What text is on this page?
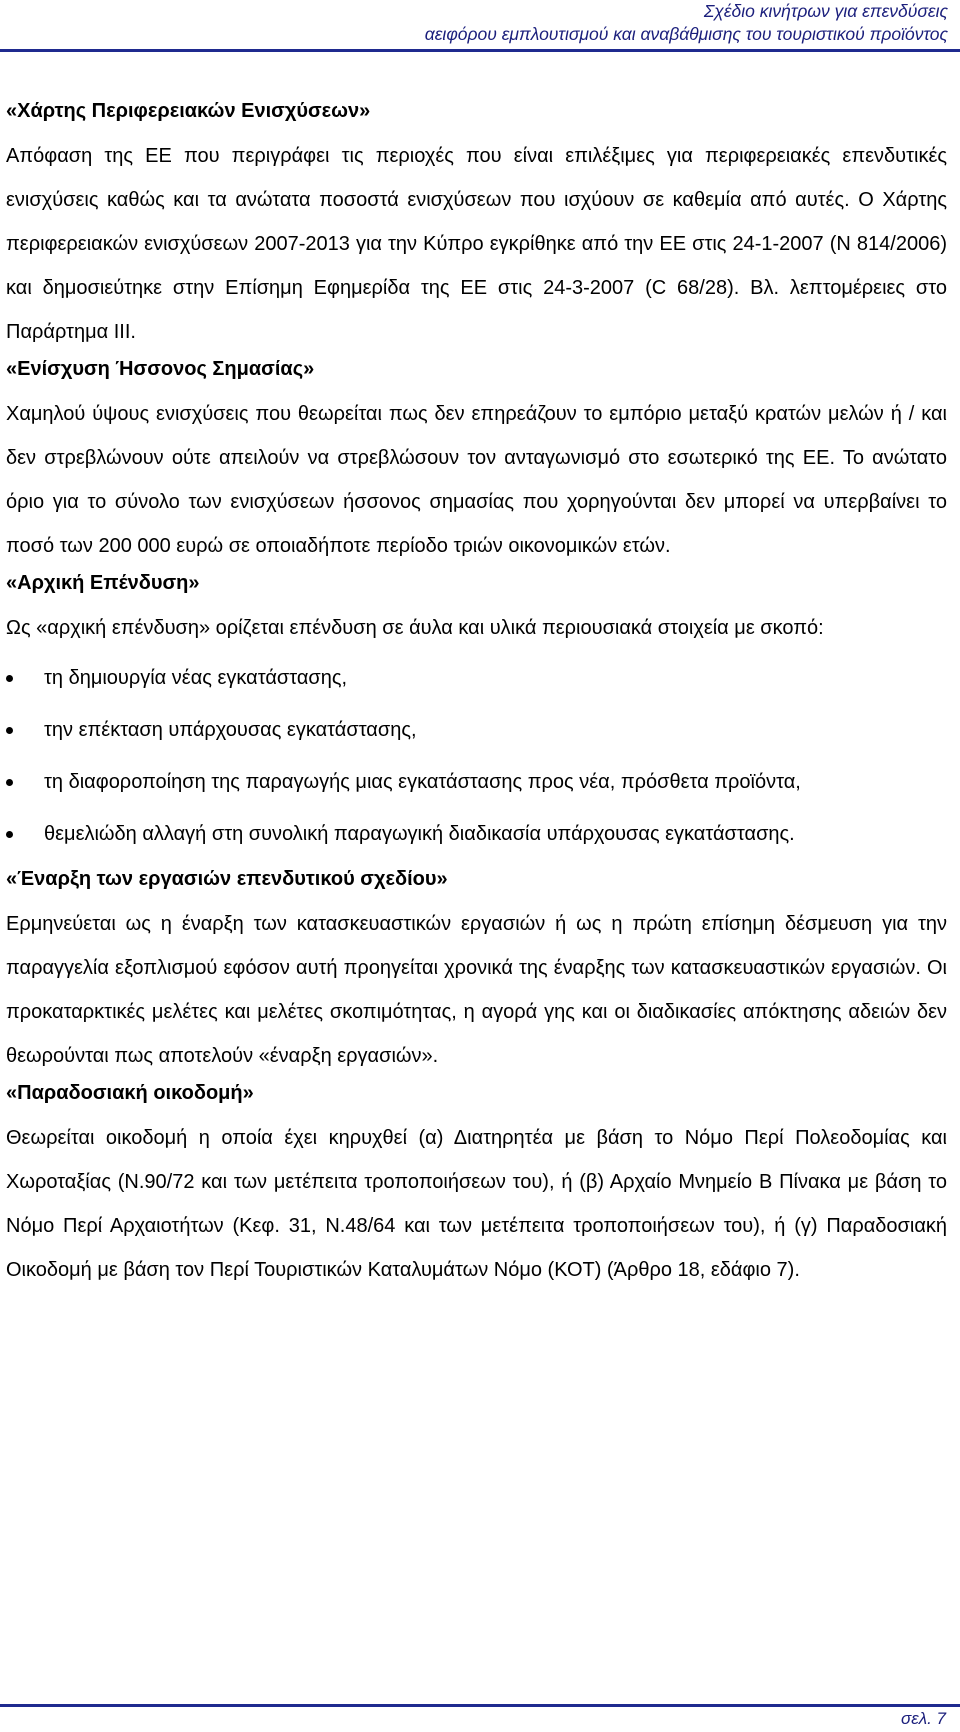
Σχέδιο κινήτρων για επενδύσεις
αειφόρου εμπλουτισμού και αναβάθμισης του τουριστικού προϊόντος
«Χάρτης Περιφερειακών Ενισχύσεων»

Απόφαση της ΕΕ που περιγράφει τις περιοχές που είναι επιλέξιμες για περιφερειακές επενδυτικές ενισχύσεις καθώς και τα ανώτατα ποσοστά ενισχύσεων που ισχύουν σε καθεμία από αυτές. Ο Χάρτης περιφερειακών ενισχύσεων 2007-2013 για την Κύπρο εγκρίθηκε από την ΕΕ στις 24-1-2007 (Ν 814/2006) και δημοσιεύτηκε στην Επίσημη Εφημερίδα της ΕΕ στις 24-3-2007 (C 68/28). Βλ. λεπτομέρειες στο Παράρτημα ΙΙΙ.

«Ενίσχυση Ήσσονος Σημασίας»

Χαμηλού ύψους ενισχύσεις που θεωρείται πως δεν επηρεάζουν το εμπόριο μεταξύ κρατών μελών ή / και δεν στρεβλώνουν ούτε απειλούν να στρεβλώσουν τον ανταγωνισμό στο εσωτερικό της ΕΕ. Το ανώτατο όριο για το σύνολο των ενισχύσεων ήσσονος σημασίας που χορηγούνται δεν μπορεί να υπερβαίνει το ποσό των 200 000 ευρώ σε οποιαδήποτε περίοδο τριών οικονομικών ετών.

«Αρχική Επένδυση»

Ως «αρχική επένδυση» ορίζεται επένδυση σε άυλα και υλικά περιουσιακά στοιχεία με σκοπό:

τη δημιουργία νέας εγκατάστασης,
την επέκταση υπάρχουσας εγκατάστασης,
τη διαφοροποίηση της παραγωγής μιας εγκατάστασης προς νέα, πρόσθετα προϊόντα,
θεμελιώδη αλλαγή στη συνολική παραγωγική διαδικασία υπάρχουσας εγκατάστασης.
«Έναρξη των εργασιών επενδυτικού σχεδίου»

Ερμηνεύεται ως η έναρξη των κατασκευαστικών εργασιών ή ως η πρώτη επίσημη δέσμευση για την παραγγελία εξοπλισμού εφόσον αυτή προηγείται χρονικά της έναρξης των κατασκευαστικών εργασιών. Οι προκαταρκτικές μελέτες και μελέτες σκοπιμότητας, η αγορά γης και οι διαδικασίες απόκτησης αδειών δεν θεωρούνται πως αποτελούν «έναρξη εργασιών».

«Παραδοσιακή οικοδομή»

Θεωρείται οικοδομή η οποία έχει κηρυχθεί (α) Διατηρητέα με βάση το Νόμο Περί Πολεοδομίας και Χωροταξίας (Ν.90/72 και των μετέπειτα τροποποιήσεων του), ή (β) Αρχαίο Μνημείο Β Πίνακα με βάση το Νόμο Περί Αρχαιοτήτων (Κεφ. 31, Ν.48/64 και των μετέπειτα τροποποιήσεων του), ή (γ) Παραδοσιακή Οικοδομή με βάση τον Περί Τουριστικών Καταλυμάτων Νόμο (ΚΟΤ) (Άρθρο 18, εδάφιο 7).

σελ. 7
